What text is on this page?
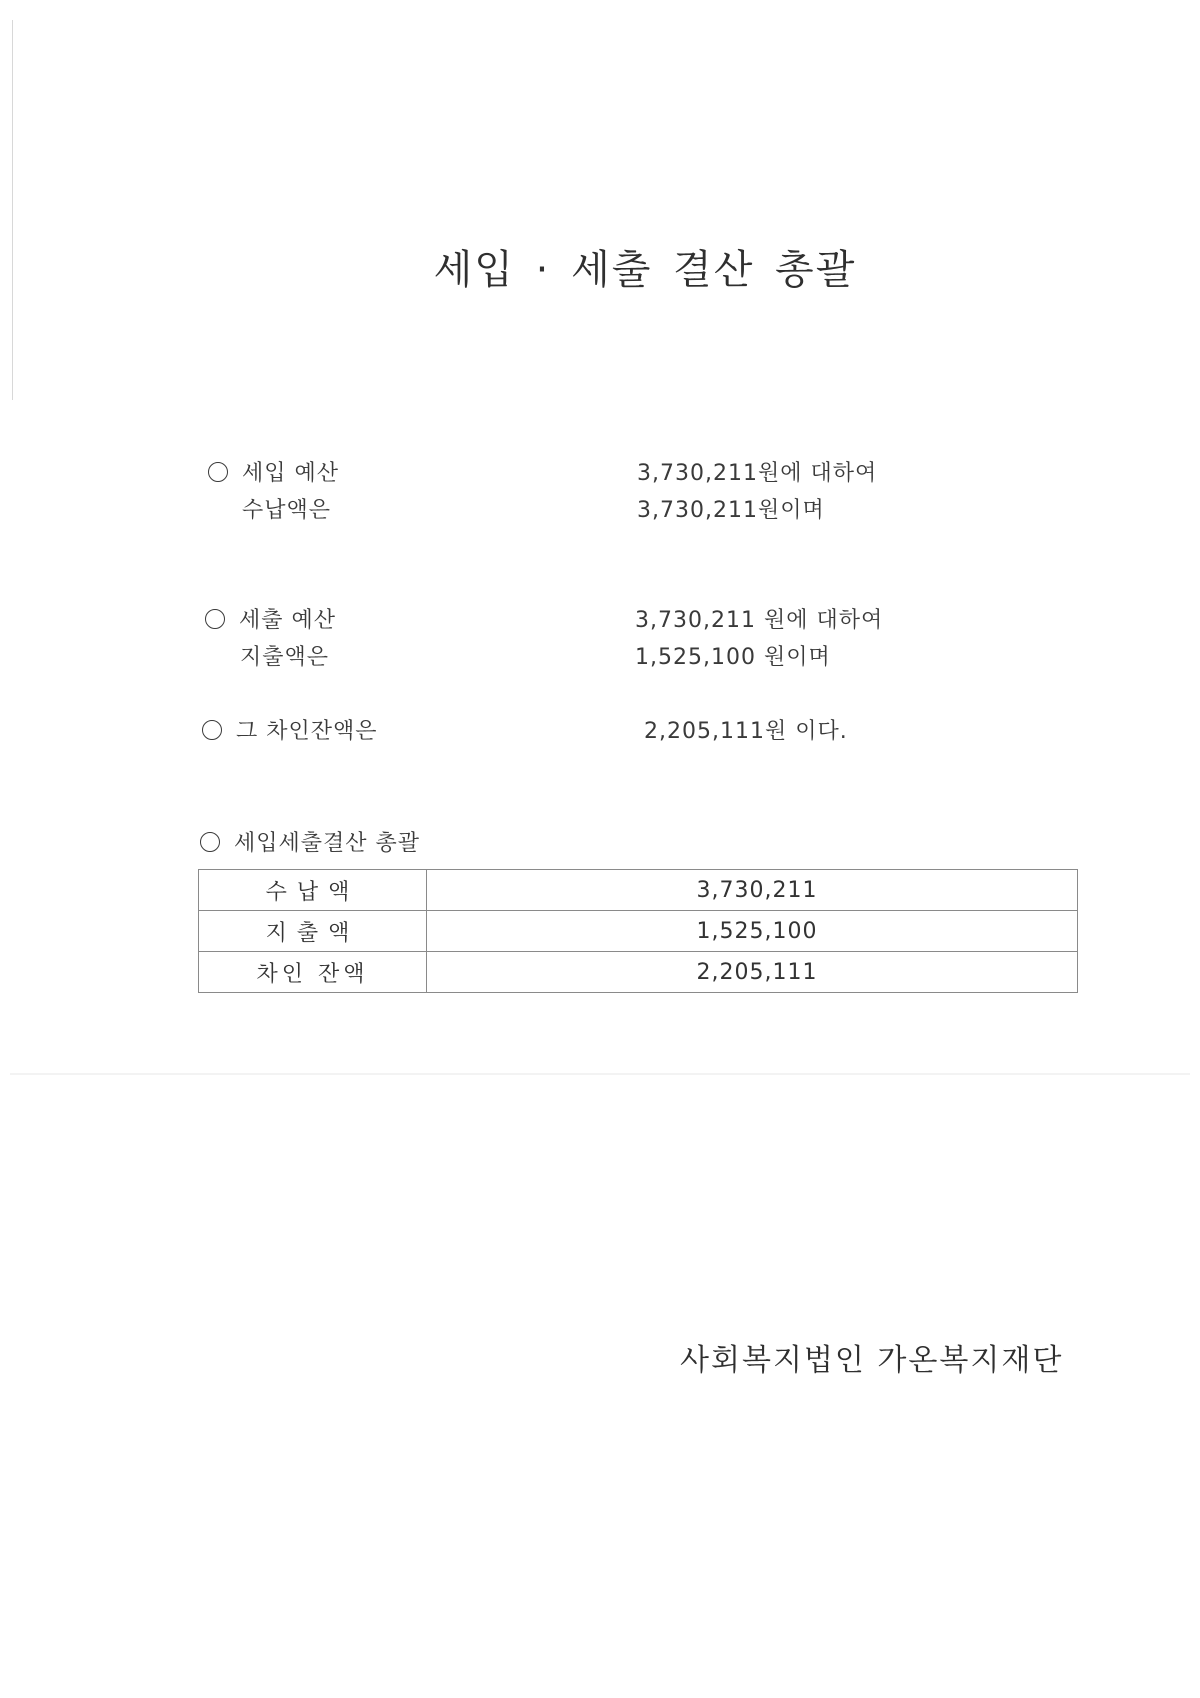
세입 · 세출 결산 총괄
세입 예산	3,730,211원에 대하여
수납액은	3,730,211원이며
세출 예산	3,730,211 원에 대하여
지출액은	1,525,100 원이며
그 차인잔액은	2,205,111원 이다.
세입세출결산 총괄
수납액	3,730,211
지출액	1,525,100
차인 잔액	2,205,111
사회복지법인 가온복지재단
